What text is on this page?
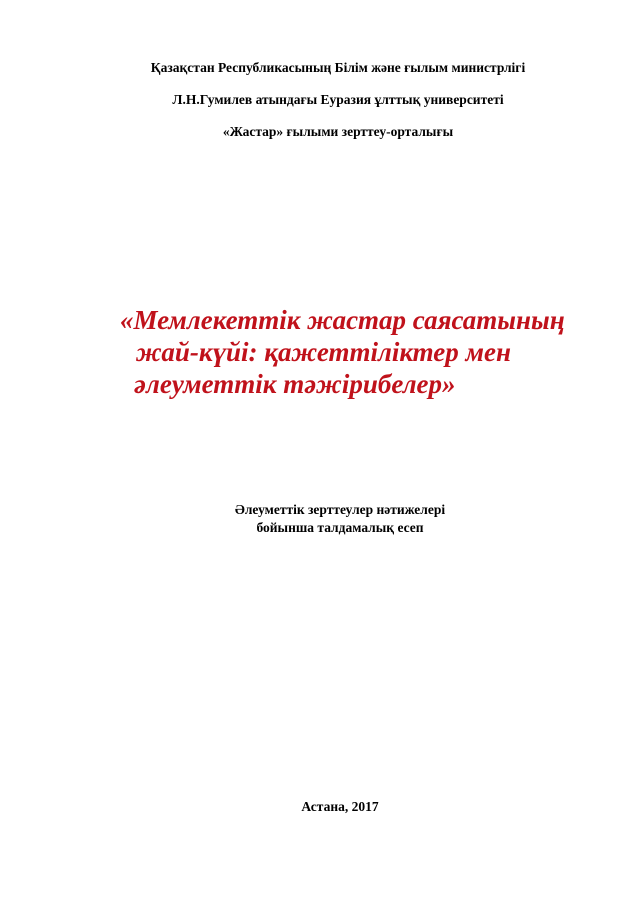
Қазақстан Республикасының Білім және ғылым министрлігі
Л.Н.Гумилев атындағы Еуразия ұлттық университеті
«Жастар» ғылыми зерттеу-орталығы
«Мемлекеттік жастар саясатының
жай-күйі: қажеттіліктер мен
әлеуметтік тәжірибелер»
Әлеуметтік зерттеулер нәтижелері
бойынша талдамалық есеп
Астана, 2017
